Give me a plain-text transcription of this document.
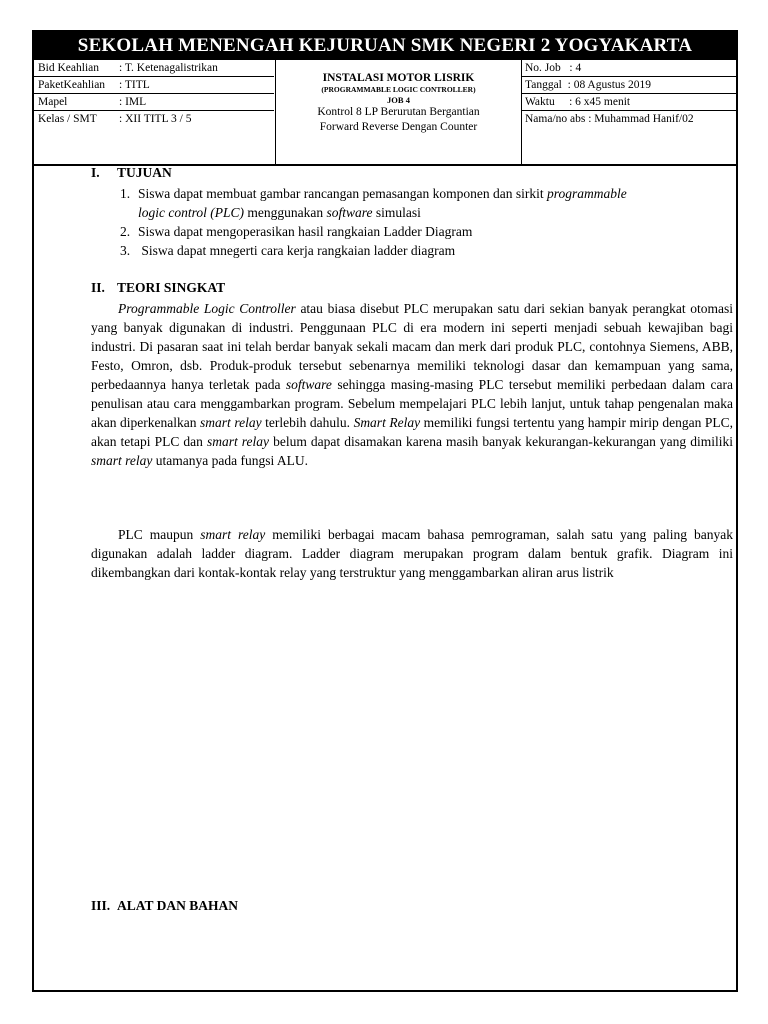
SEKOLAH MENENGAH KEJURUAN SMK NEGERI 2 YOGYAKARTA
Bid Keahlian : T. Ketenagalistrikan
PaketKeahlian : TITL
Mapel	: IML
Kelas / SMT : XII TITL 3 / 5
INSTALASI MOTOR LISRIK
(PROGRAMMABLE LOGIC CONTROLLER)
JOB 4
Kontrol 8 LP Berurutan Bergantian
Forward Reverse Dengan Counter
No. Job   : 4
Tanggal  : 08 Agustus 2019
Waktu     : 6 x45 menit
Nama/no abs : Muhammad Hanif/02
I. TUJUAN
1. Siswa dapat membuat gambar rancangan pemasangan komponen dan sirkit programmable
logic control (PLC) menggunakan software simulasi
2. Siswa dapat mengoperasikan hasil rangkaian Ladder Diagram
3. Siswa dapat mnegerti cara kerja rangkaian ladder diagram
II. TEORI SINGKAT
Programmable Logic Controller atau biasa disebut PLC merupakan satu dari sekian banyak perangkat otomasi yang banyak digunakan di industri. Penggunaan PLC di era modern ini seperti menjadi sebuah kewajiban bagi industri. Di pasaran saat ini telah berdar banyak sekali macam dan merk dari produk PLC, contohnya Siemens, ABB, Festo, Omron, dsb. Produk-produk tersebut sebenarnya memiliki teknologi dasar dan kemampuan yang sama, perbedaannya hanya terletak pada software sehingga masing-masing PLC tersebut memiliki perbedaan dalam cara penulisan atau cara menggambarkan program. Sebelum mempelajari PLC lebih lanjut, untuk tahap pengenalan maka akan diperkenalkan smart relay terlebih dahulu. Smart Relay memiliki fungsi tertentu yang hampir mirip dengan PLC, akan tetapi PLC dan smart relay belum dapat disamakan karena masih banyak kekurangan-kekurangan yang dimiliki smart relay utamanya pada fungsi ALU.
PLC maupun smart relay memiliki berbagai macam bahasa pemrograman, salah satu yang paling banyak digunakan adalah ladder diagram. Ladder diagram merupakan program dalam bentuk grafik. Diagram ini dikembangkan dari kontak-kontak relay yang terstruktur yang menggambarkan aliran arus listrik
III. ALAT DAN BAHAN
